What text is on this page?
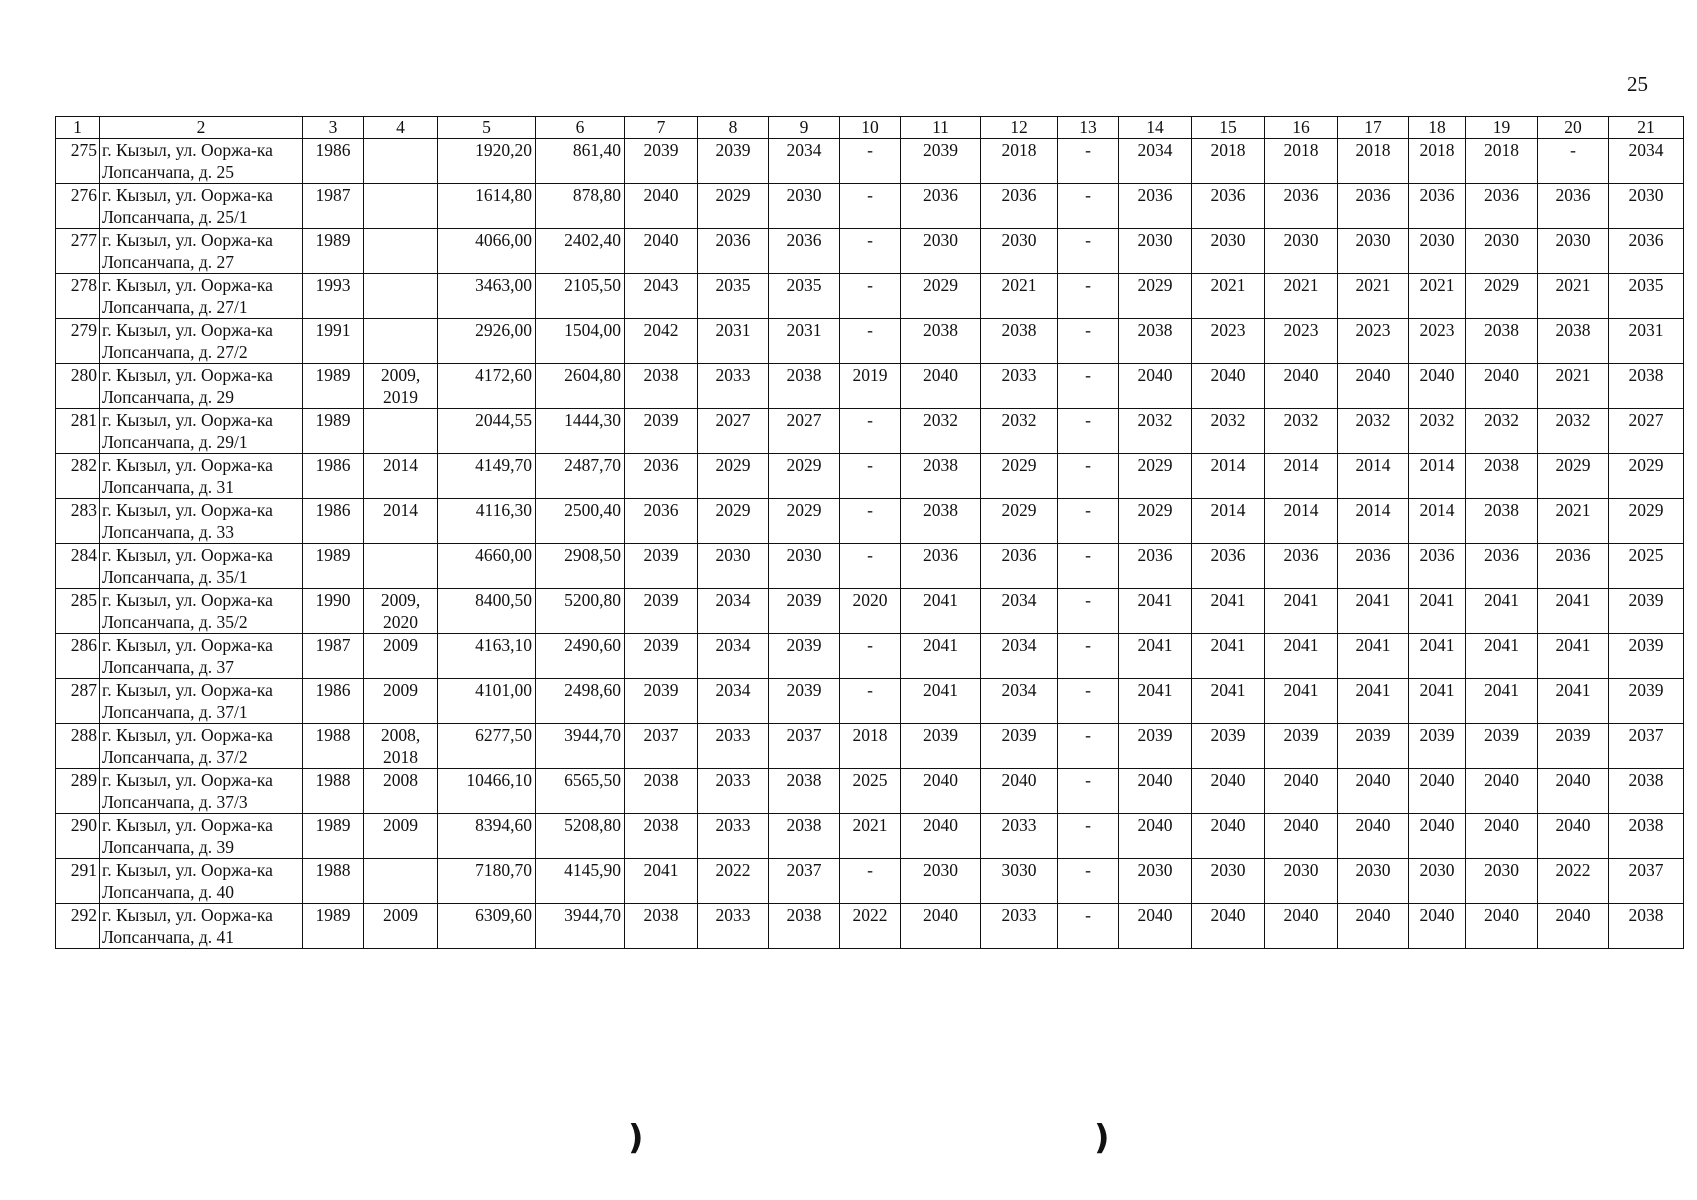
25
1	2	3	4	5	6	7	8	9	10	11	12	13	14	15	16	17	18	19	20	21
275	г. Кызыл, ул. Ооржа-ка Лопсанчапа, д. 25	1986		1920,20	861,40	2039	2039	2034	-	2039	2018	-	2034	2018	2018	2018	2018	2018	-	2034
276	г. Кызыл, ул. Ооржа-ка Лопсанчапа, д. 25/1	1987		1614,80	878,80	2040	2029	2030	-	2036	2036	-	2036	2036	2036	2036	2036	2036	2036	2030
277	г. Кызыл, ул. Ооржа-ка Лопсанчапа, д. 27	1989		4066,00	2402,40	2040	2036	2036	-	2030	2030	-	2030	2030	2030	2030	2030	2030	2030	2036
278	г. Кызыл, ул. Ооржа-ка Лопсанчапа, д. 27/1	1993		3463,00	2105,50	2043	2035	2035	-	2029	2021	-	2029	2021	2021	2021	2021	2029	2021	2035
279	г. Кызыл, ул. Ооржа-ка Лопсанчапа, д. 27/2	1991		2926,00	1504,00	2042	2031	2031	-	2038	2038	-	2038	2023	2023	2023	2023	2038	2038	2031
280	г. Кызыл, ул. Ооржа-ка Лопсанчапа, д. 29	1989	2009, 2019	4172,60	2604,80	2038	2033	2038	2019	2040	2033	-	2040	2040	2040	2040	2040	2040	2021	2038
281	г. Кызыл, ул. Ооржа-ка Лопсанчапа, д. 29/1	1989		2044,55	1444,30	2039	2027	2027	-	2032	2032	-	2032	2032	2032	2032	2032	2032	2032	2027
282	г. Кызыл, ул. Ооржа-ка Лопсанчапа, д. 31	1986	2014	4149,70	2487,70	2036	2029	2029	-	2038	2029	-	2029	2014	2014	2014	2014	2038	2029	2029
283	г. Кызыл, ул. Ооржа-ка Лопсанчапа, д. 33	1986	2014	4116,30	2500,40	2036	2029	2029	-	2038	2029	-	2029	2014	2014	2014	2014	2038	2021	2029
284	г. Кызыл, ул. Ооржа-ка Лопсанчапа, д. 35/1	1989		4660,00	2908,50	2039	2030	2030	-	2036	2036	-	2036	2036	2036	2036	2036	2036	2036	2025
285	г. Кызыл, ул. Ооржа-ка Лопсанчапа, д. 35/2	1990	2009, 2020	8400,50	5200,80	2039	2034	2039	2020	2041	2034	-	2041	2041	2041	2041	2041	2041	2041	2039
286	г. Кызыл, ул. Ооржа-ка Лопсанчапа, д. 37	1987	2009	4163,10	2490,60	2039	2034	2039	-	2041	2034	-	2041	2041	2041	2041	2041	2041	2041	2039
287	г. Кызыл, ул. Ооржа-ка Лопсанчапа, д. 37/1	1986	2009	4101,00	2498,60	2039	2034	2039	-	2041	2034	-	2041	2041	2041	2041	2041	2041	2041	2039
288	г. Кызыл, ул. Ооржа-ка Лопсанчапа, д. 37/2	1988	2008, 2018	6277,50	3944,70	2037	2033	2037	2018	2039	2039	-	2039	2039	2039	2039	2039	2039	2039	2037
289	г. Кызыл, ул. Ооржа-ка Лопсанчапа, д. 37/3	1988	2008	10466,10	6565,50	2038	2033	2038	2025	2040	2040	-	2040	2040	2040	2040	2040	2040	2040	2038
290	г. Кызыл, ул. Ооржа-ка Лопсанчапа, д. 39	1989	2009	8394,60	5208,80	2038	2033	2038	2021	2040	2033	-	2040	2040	2040	2040	2040	2040	2040	2038
291	г. Кызыл, ул. Ооржа-ка Лопсанчапа, д. 40	1988		7180,70	4145,90	2041	2022	2037	-	2030	3030	-	2030	2030	2030	2030	2030	2030	2022	2037
292	г. Кызыл, ул. Ооржа-ка Лопсанчапа, д. 41	1989	2009	6309,60	3944,70	2038	2033	2038	2022	2040	2033	-	2040	2040	2040	2040	2040	2040	2040	2038
)	)
